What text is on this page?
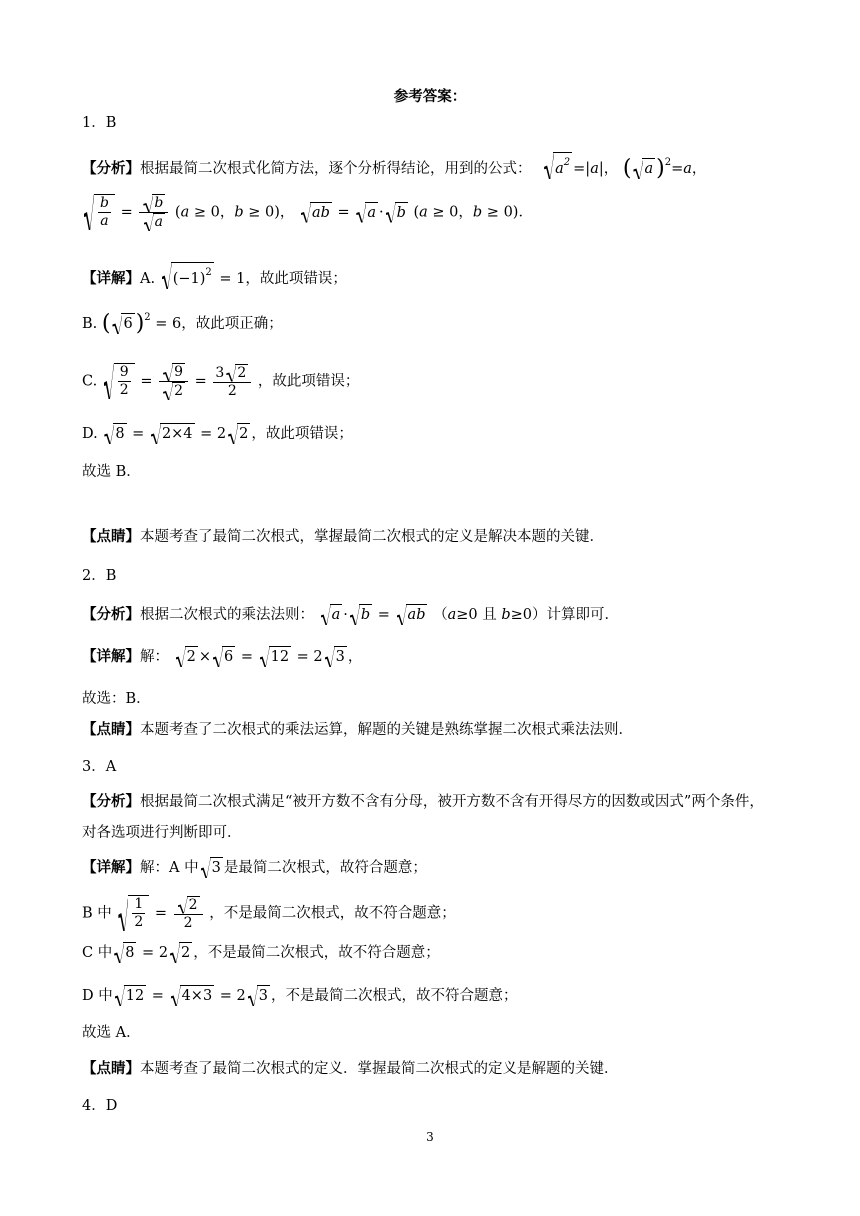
参考答案：
1．B
【分析】根据最简二次根式化简方法，逐个分析得结论，用到的公式： $a^2 =|a|$， ( a )$^2$=a，
$\frac{b}{a} = \frac{b}{a} (a \ge 0$，b ≥ 0)， ab = a · b (a ≥ 0，b ≥ 0)．
【详解】A. $(-1)^2 = 1$，故此项错误；
B. ( 6 )$^2$ = 6，故此项正确；
C. $\frac{9}{2} = \frac{9}{2} = \frac{3 2}{2}$ ，故此项错误；
D. 8 = 2×4 = 2 2 ，故此项错误；
故选 B．
【点睛】本题考查了最简二次根式，掌握最简二次根式的定义是解决本题的关键．
2．B
【分析】根据二次根式的乘法法则： a · b = ab （a≥0 且 b≥0）计算即可．
【详解】解： 2 × 6 = 12 = 2 3 ，
故选：B．
【点睛】本题考查了二次根式的乘法运算，解题的关键是熟练掌握二次根式乘法法则．
3．A
【分析】根据最简二次根式满足“被开方数不含有分母，被开方数不含有开得尽方的因数或因式”两个条件，
对各选项进行判断即可．
【详解】解：A 中 3 是最简二次根式，故符合题意；
B 中 $\frac{1}{2} = \frac{2}{2}$ ，不是最简二次根式，故不符合题意；
C 中 8 = 2 2 ，不是最简二次根式，故不符合题意；
D 中 12 = 4×3 = 2 3 ，不是最简二次根式，故不符合题意；
故选 A．
【点睛】本题考查了最简二次根式的定义．掌握最简二次根式的定义是解题的关键．
4．D
3
